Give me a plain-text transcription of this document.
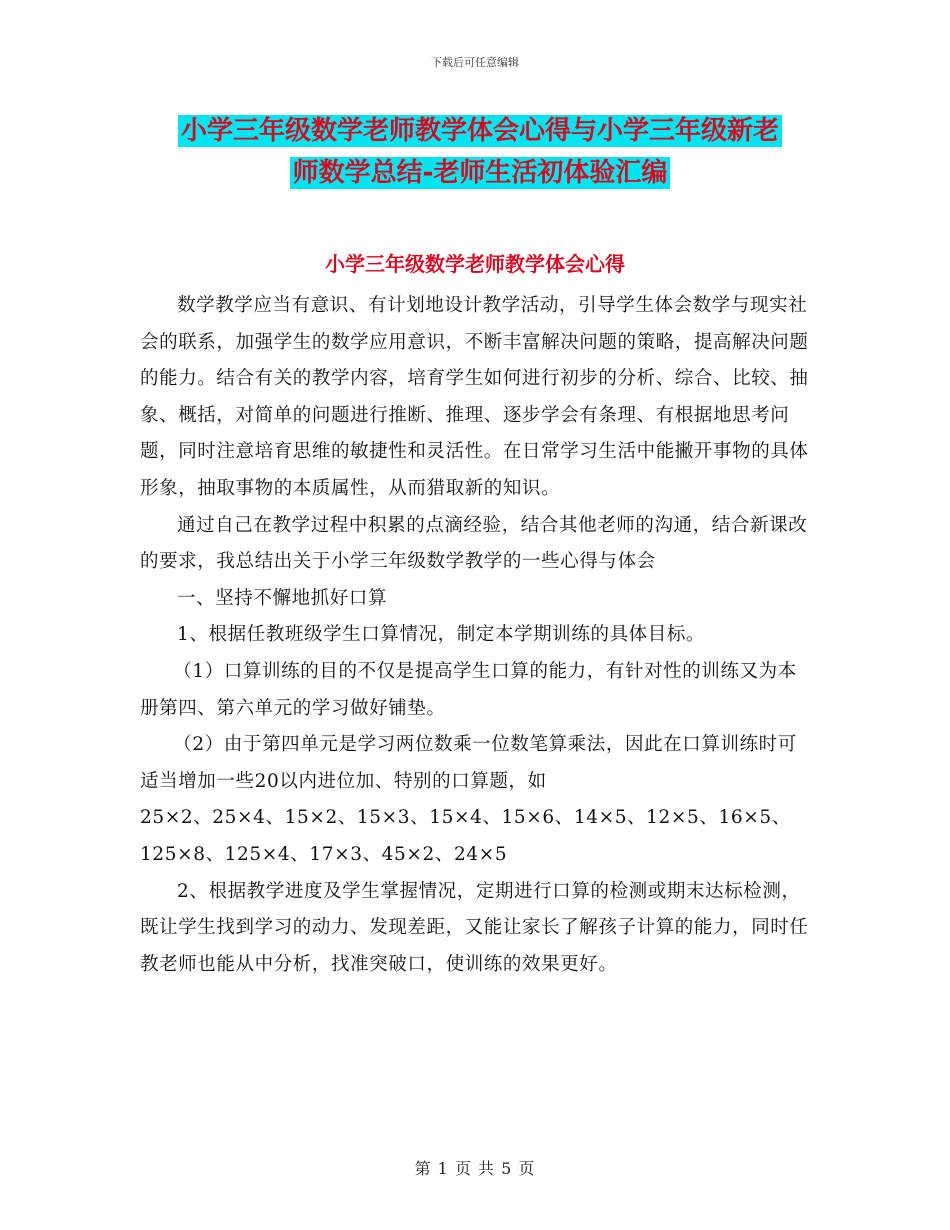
下载后可任意编辑
小学三年级数学老师教学体会心得与小学三年级新老
师数学总结-老师生活初体验汇编
小学三年级数学老师教学体会心得

数学教学应当有意识、有计划地设计教学活动，引导学生体会数学与现实社会的联系，加强学生的数学应用意识，不断丰富解决问题的策略，提高解决问题的能力。结合有关的教学内容，培育学生如何进行初步的分析、综合、比较、抽象、概括，对简单的问题进行推断、推理、逐步学会有条理、有根据地思考问题，同时注意培育思维的敏捷性和灵活性。在日常学习生活中能撇开事物的具体形象，抽取事物的本质属性，从而猎取新的知识。

通过自己在教学过程中积累的点滴经验，结合其他老师的沟通，结合新课改的要求，我总结出关于小学三年级数学教学的一些心得与体会

一、坚持不懈地抓好口算

1、根据任教班级学生口算情况，制定本学期训练的具体目标。

（1）口算训练的目的不仅是提高学生口算的能力，有针对性的训练又为本册第四、第六单元的学习做好铺垫。

（2）由于第四单元是学习两位数乘一位数笔算乘法，因此在口算训练时可适当增加一些20以内进位加、特别的口算题，如

25×2、25×4、15×2、15×3、15×4、15×6、14×5、12×5、16×5、125×8、125×4、17×3、45×2、24×5

2、根据教学进度及学生掌握情况，定期进行口算的检测或期末达标检测，既让学生找到学习的动力、发现差距，又能让家长了解孩子计算的能力，同时任教老师也能从中分析，找准突破口，使训练的效果更好。

第 1 页 共 5 页
